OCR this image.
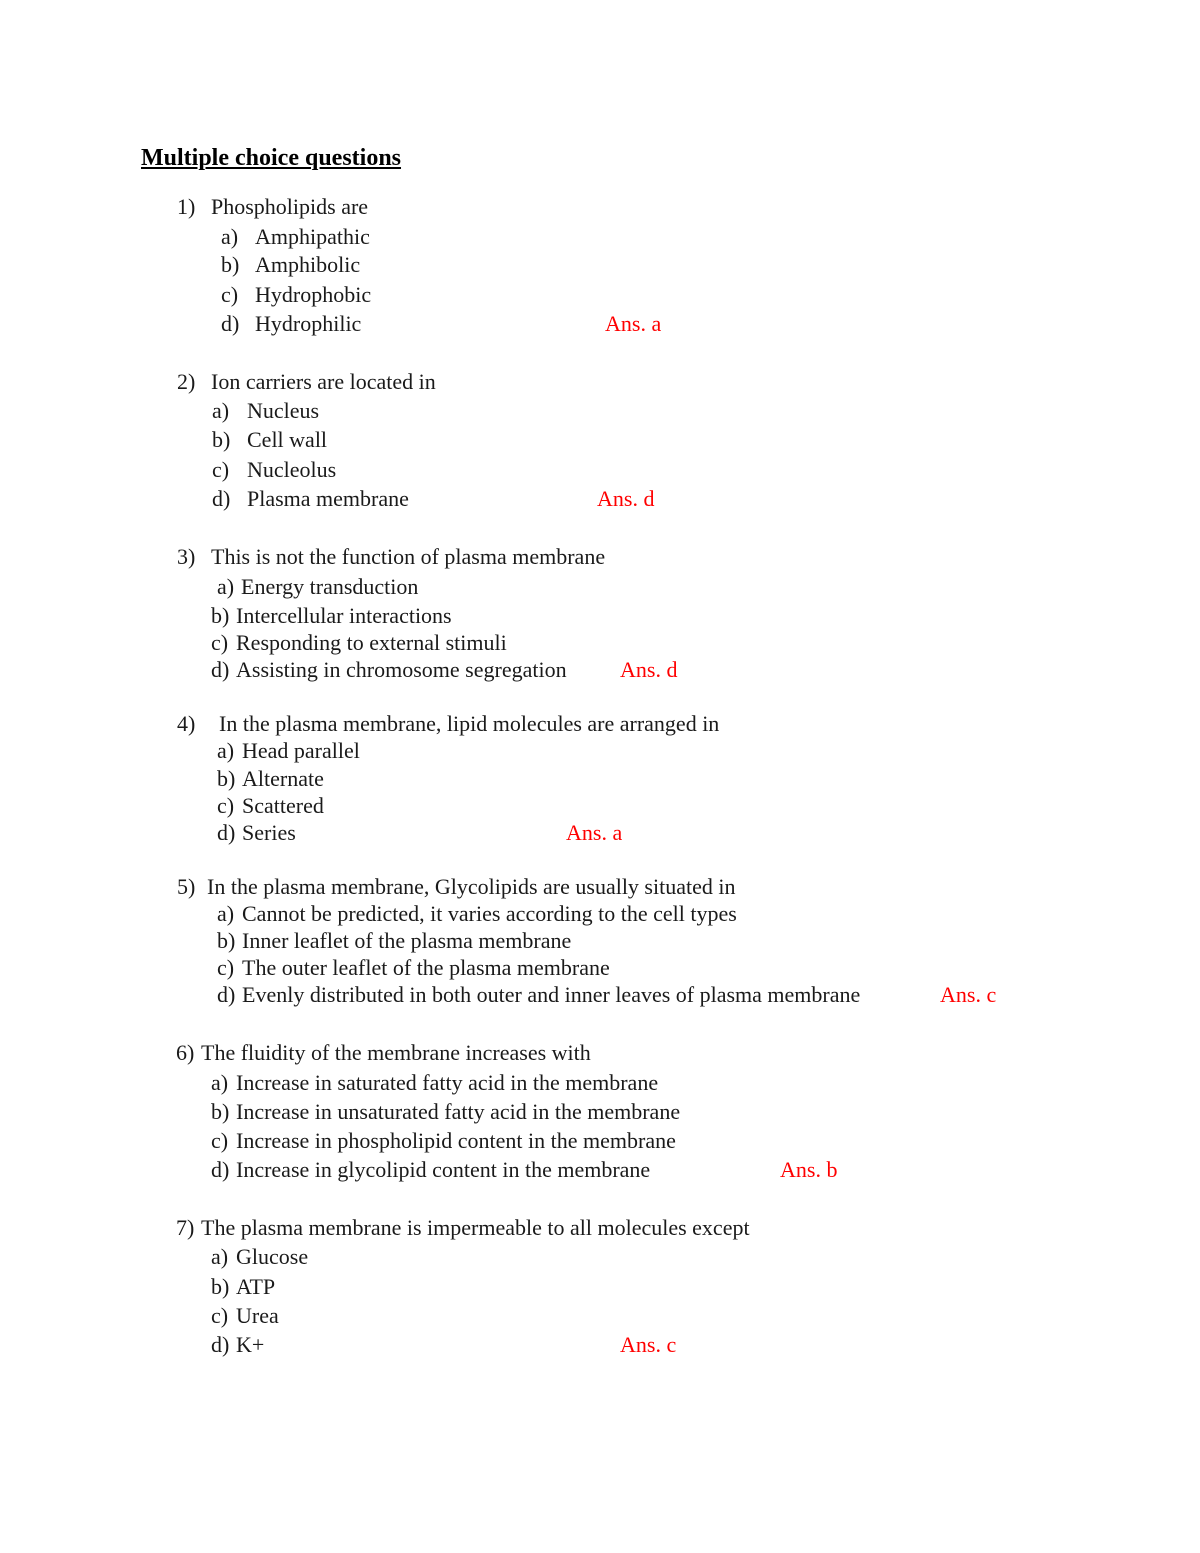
Multiple choice questions
1) Phospholipids are
a) Amphipathic
b) Amphibolic
c) Hydrophobic
d) Hydrophilic	Ans. a
2) Ion carriers are located in
a) Nucleus
b) Cell wall
c) Nucleolus
d) Plasma membrane	Ans. d
3) This is not the function of plasma membrane
a) Energy transduction
b) Intercellular interactions
c) Responding to external stimuli
d) Assisting in chromosome segregation Ans. d
4) In the plasma membrane, lipid molecules are arranged in
a) Head parallel
b) Alternate
c) Scattered
d) Series	Ans. a
5) In the plasma membrane, Glycolipids are usually situated in
a) Cannot be predicted, it varies according to the cell types
b) Inner leaflet of the plasma membrane
c) The outer leaflet of the plasma membrane
d) Evenly distributed in both outer and inner leaves of plasma membrane	Ans. c
6) The fluidity of the membrane increases with
a) Increase in saturated fatty acid in the membrane
b) Increase in unsaturated fatty acid in the membrane
c) Increase in phospholipid content in the membrane
d) Increase in glycolipid content in the membrane	Ans. b
7) The plasma membrane is impermeable to all molecules except
a) Glucose
b) ATP
c) Urea
d) K+	Ans. c
